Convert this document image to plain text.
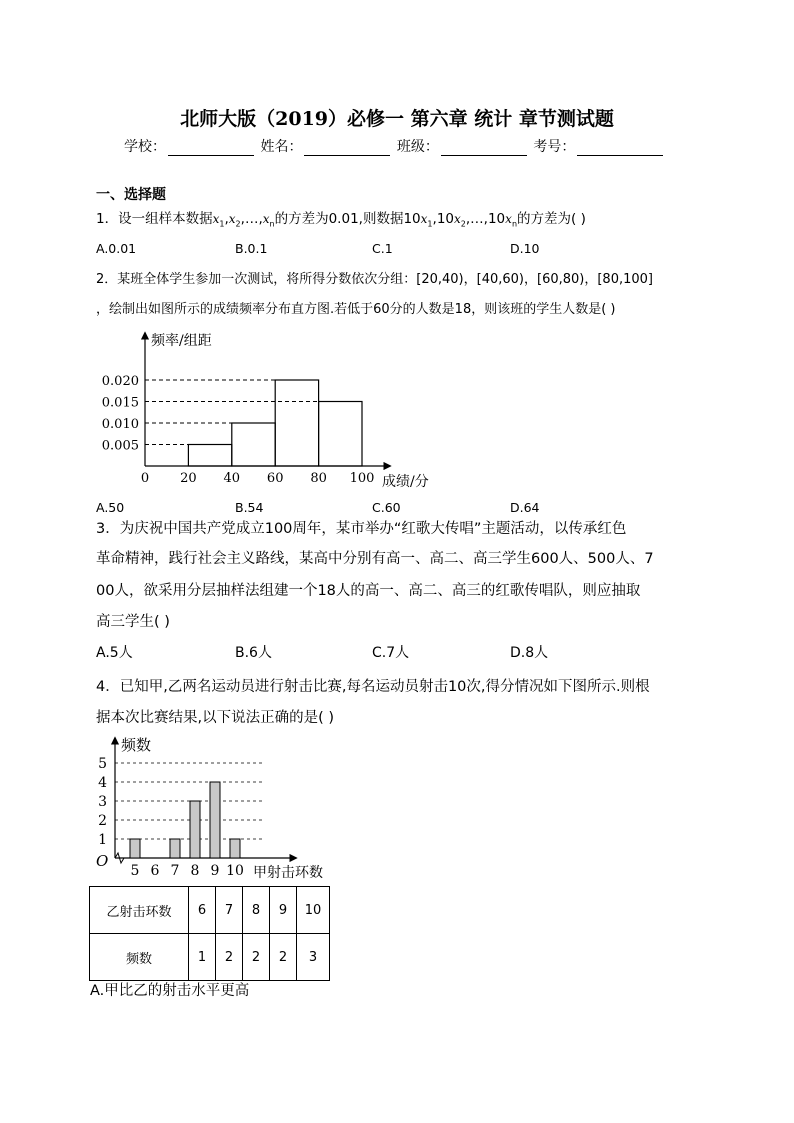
北师大版（2019）必修一 第六章 统计 章节测试题
学校：	姓名：	班级：	考号：
一、选择题
1．设一组样本数据$x_1,x_2,\dots,x_n$的方差为0.01,则数据$10x_1,10x_2,\dots,10x_n$的方差为( )
A.0.01	B.0.1	C.1	D.10
2．某班全体学生参加一次测试，将所得分数依次分组：[20,40)，[40,60)，[60,80)，[80,100]
，绘制出如图所示的成绩频率分布直方图.若低于60分的人数是18，则该班的学生人数是( )
0.005
0.010
0.015
0.020
0 20 40 60 80 100
频率/组距
成绩/分
A.50	B.54	C.60	D.64
3．为庆祝中国共产党成立100周年，某市举办“红歌大传唱”主题活动，以传承红色
革命精神，践行社会主义路线，某高中分别有高一、高二、高三学生600人、500人、7
00人，欲采用分层抽样法组建一个18人的高一、高二、高三的红歌传唱队，则应抽取
高三学生( )
A.5人	B.6人	C.7人	D.8人
4．已知甲,乙两名运动员进行射击比赛,每名运动员射击10次,得分情况如下图所示.则根
据本次比赛结果,以下说法正确的是( )
1
2
3
4
5
5 6 7 8 9 10
O
频数
甲射击环数
乙射击环数	6	7	8	9	10
频数	1	2	2	2	3
A.甲比乙的射击水平更高
